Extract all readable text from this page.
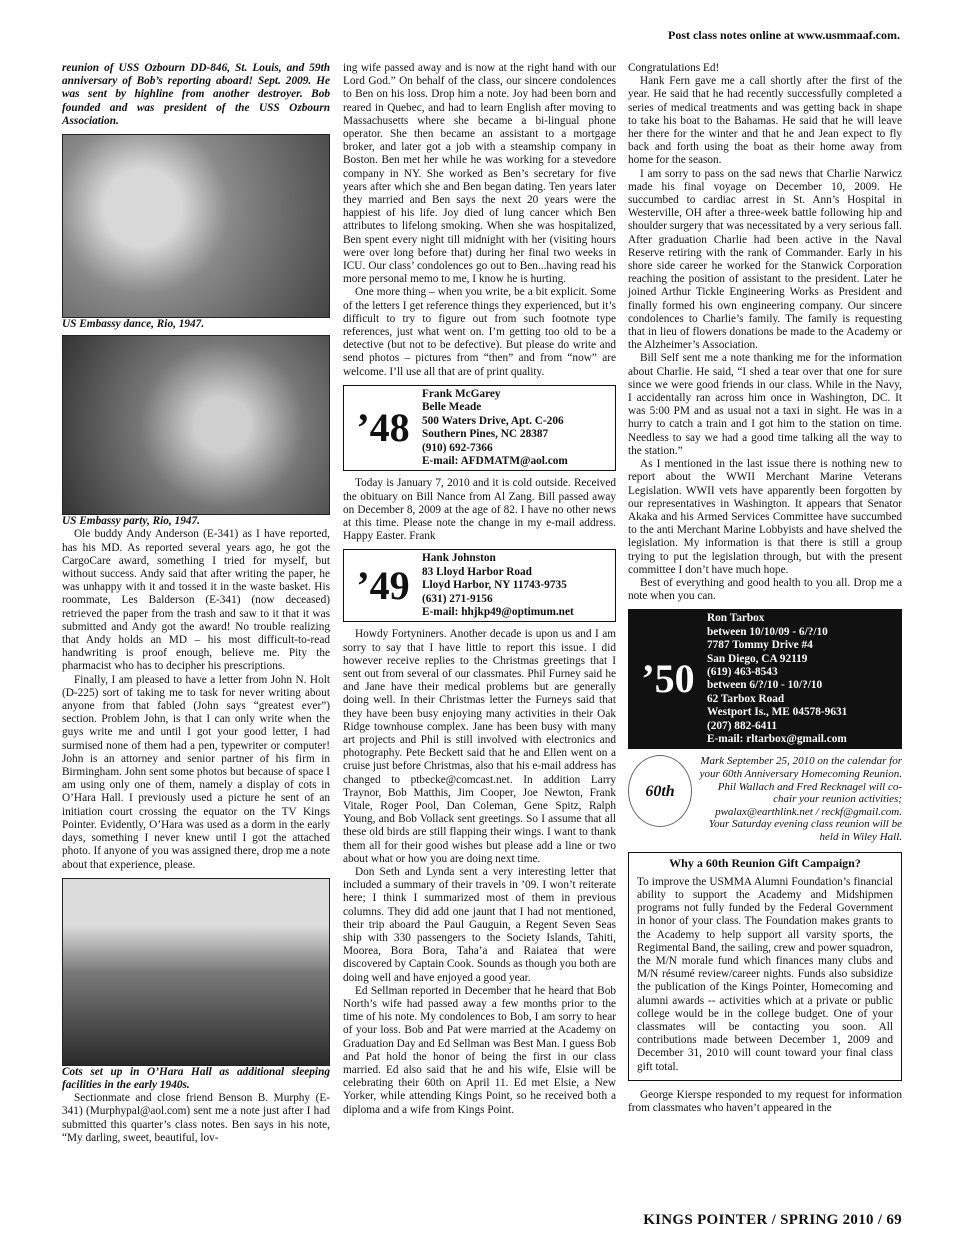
Post class notes online at www.usmmaaf.com.

reunion of USS Ozbourn DD-846, St. Louis, and 59th anniversary of Bob’s reporting aboard! Sept. 2009. He was sent by highline from another destroyer. Bob founded and was president of the USS Ozbourn Association.

US Embassy dance, Rio, 1947.

US Embassy party, Rio, 1947.

Ole buddy Andy Anderson (E-341) as I have reported, has his MD. As reported several years ago, he got the CargoCare award, something I tried for myself, but without success. Andy said that after writing the paper, he was unhappy with it and tossed it in the waste basket. His roommate, Les Balderson (E-341) (now deceased) retrieved the paper from the trash and saw to it that it was submitted and Andy got the award! No trouble realizing that Andy holds an MD – his most difficult-to-read handwriting is proof enough, believe me. Pity the pharmacist who has to decipher his prescriptions.

Finally, I am pleased to have a letter from John N. Holt (D-225) sort of taking me to task for never writing about anyone from that fabled (John says “greatest ever”) section. Problem John, is that I can only write when the guys write me and until I got your good letter, I had surmised none of them had a pen, typewriter or computer! John is an attorney and senior partner of his firm in Birmingham. John sent some photos but because of space I am using only one of them, namely a display of cots in O’Hara Hall. I previously used a picture he sent of an initiation court crossing the equator on the TV Kings Pointer. Evidently, O’Hara was used as a dorm in the early days, something I never knew until I got the attached photo. If anyone of you was assigned there, drop me a note about that experience, please.

Cots set up in O’Hara Hall as additional sleeping facilities in the early 1940s.

Sectionmate and close friend Benson B. Murphy (E-341) (Murphypal@aol.com) sent me a note just after I had submitted this quarter’s class notes. Ben says in his note, “My darling, sweet, beautiful, lov-

ing wife passed away and is now at the right hand with our Lord God.” On behalf of the class, our sincere condolences to Ben on his loss. Drop him a note. Joy had been born and reared in Quebec, and had to learn English after moving to Massachusetts where she became a bi-lingual phone operator. She then became an assistant to a mortgage broker, and later got a job with a steamship company in Boston. Ben met her while he was working for a stevedore company in NY. She worked as Ben’s secretary for five years after which she and Ben began dating. Ten years later they married and Ben says the next 20 years were the happiest of his life. Joy died of lung cancer which Ben attributes to lifelong smoking. When she was hospitalized, Ben spent every night till midnight with her (visiting hours were over long before that) during her final two weeks in ICU. Our class’ condolences go out to Ben...having read his more personal memo to me, I know he is hurting.

One more thing – when you write, be a bit explicit. Some of the letters I get reference things they experienced, but it’s difficult to try to figure out from such footnote type references, just what went on. I’m getting too old to be a detective (but not to be defective). But please do write and send photos – pictures from “then” and from “now” are welcome. I’ll use all that are of print quality.

’48
Frank McGarey
Belle Meade
500 Waters Drive, Apt. C-206
Southern Pines, NC 28387
(910) 692-7366
E-mail: AFDMATM@aol.com

Today is January 7, 2010 and it is cold outside. Received the obituary on Bill Nance from Al Zang. Bill passed away on December 8, 2009 at the age of 82. I have no other news at this time. Please note the change in my e-mail address. Happy Easter. Frank

’49
Hank Johnston
83 Lloyd Harbor Road
Lloyd Harbor, NY 11743-9735
(631) 271-9156
E-mail: hhjkp49@optimum.net

Howdy Fortyniners. Another decade is upon us and I am sorry to say that I have little to report this issue. I did however receive replies to the Christmas greetings that I sent out from several of our classmates. Phil Furney said he and Jane have their medical problems but are generally doing well. In their Christmas letter the Furneys said that they have been busy enjoying many activities in their Oak Ridge townhouse complex. Jane has been busy with many art projects and Phil is still involved with electronics and photography. Pete Beckett said that he and Ellen went on a cruise just before Christmas, also that his e-mail address has changed to ptbecke@comcast.net. In addition Larry Traynor, Bob Matthis, Jim Cooper, Joe Newton, Frank Vitale, Roger Pool, Dan Coleman, Gene Spitz, Ralph Young, and Bob Vollack sent greetings. So I assume that all these old birds are still flapping their wings. I want to thank them all for their good wishes but please add a line or two about what or how you are doing next time.

Don Seth and Lynda sent a very interesting letter that included a summary of their travels in ’09. I won’t reiterate here; I think I summarized most of them in previous columns. They did add one jaunt that I had not mentioned, their trip aboard the Paul Gauguin, a Regent Seven Seas ship with 330 passengers to the Society Islands, Tahiti, Moorea, Bora Bora, Taha’a and Raiatea that were discovered by Captain Cook. Sounds as though you both are doing well and have enjoyed a good year.

Ed Sellman reported in December that he heard that Bob North’s wife had passed away a few months prior to the time of his note. My condolences to Bob, I am sorry to hear of your loss. Bob and Pat were married at the Academy on Graduation Day and Ed Sellman was Best Man. I guess Bob and Pat hold the honor of being the first in our class married. Ed also said that he and his wife, Elsie will be celebrating their 60th on April 11. Ed met Elsie, a New Yorker, while attending Kings Point, so he received both a diploma and a wife from Kings Point.

Congratulations Ed!

Hank Fern gave me a call shortly after the first of the year. He said that he had recently successfully completed a series of medical treatments and was getting back in shape to take his boat to the Bahamas. He said that he will leave her there for the winter and that he and Jean expect to fly back and forth using the boat as their home away from home for the season.

I am sorry to pass on the sad news that Charlie Narwicz made his final voyage on December 10, 2009. He succumbed to cardiac arrest in St. Ann’s Hospital in Westerville, OH after a three-week battle following hip and shoulder surgery that was necessitated by a very serious fall. After graduation Charlie had been active in the Naval Reserve retiring with the rank of Commander. Early in his shore side career he worked for the Stanwick Corporation reaching the position of assistant to the president. Later he joined Arthur Tickle Engineering Works as President and finally formed his own engineering company. Our sincere condolences to Charlie’s family. The family is requesting that in lieu of flowers donations be made to the Academy or the Alzheimer’s Association.

Bill Self sent me a note thanking me for the information about Charlie. He said, “I shed a tear over that one for sure since we were good friends in our class. While in the Navy, I accidentally ran across him once in Washington, DC. It was 5:00 PM and as usual not a taxi in sight. He was in a hurry to catch a train and I got him to the station on time. Needless to say we had a good time talking all the way to the station.”

As I mentioned in the last issue there is nothing new to report about the WWII Merchant Marine Veterans Legislation. WWII vets have apparently been forgotten by our representatives in Washington. It appears that Senator Akaka and his Armed Services Committee have succumbed to the anti Merchant Marine Lobbyists and have shelved the legislation. My information is that there is still a group trying to put the legislation through, but with the present committee I don’t have much hope.

Best of everything and good health to you all. Drop me a note when you can.

’50
Ron Tarbox
between 10/10/09 - 6/?/10
7787 Tommy Drive #4
San Diego, CA 92119
(619) 463-8543
between 6/?/10 - 10/?/10
62 Tarbox Road
Westport Is., ME 04578-9631
(207) 882-6411
E-mail: rltarbox@gmail.com
60th
Mark September 25, 2010 on the calendar for your 60th Anniversary Homecoming Reunion. Phil Wallach and Fred Recknagel will co-chair your reunion activities; pwalax@earthlink.net / reckf@gmail.com. Your Saturday evening class reunion will be held in Wiley Hall.
Why a 60th Reunion Gift Campaign?

To improve the USMMA Alumni Foundation’s financial ability to support the Academy and Midshipmen programs not fully funded by the Federal Government in honor of your class. The Foundation makes grants to the Academy to help support all varsity sports, the Regimental Band, the sailing, crew and power squadron, the M/N morale fund which finances many clubs and M/N résumé review/career nights. Funds also subsidize the publication of the Kings Pointer, Homecoming and alumni awards -- activities which at a private or public college would be in the college budget. One of your classmates will be contacting you soon. All contributions made between December 1, 2009 and December 31, 2010 will count toward your final class gift total.

George Kierspe responded to my request for information from classmates who haven’t appeared in the

KINGS POINTER / SPRING 2010 / 69
